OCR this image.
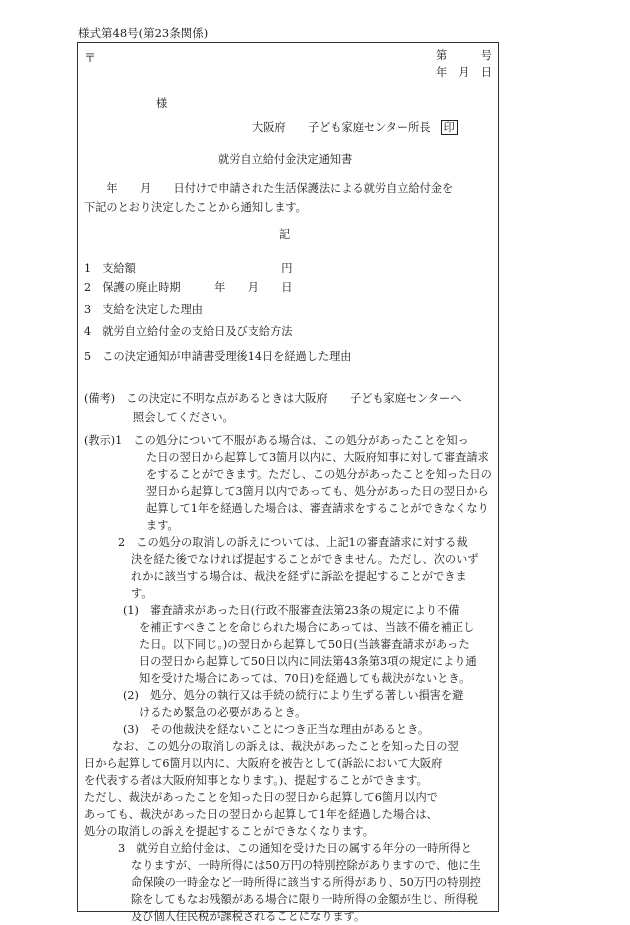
様式第48号(第23条関係)
〒	第　　　号
年　月　日
様
大阪府　　子ども家庭センター所長 印
就労自立給付金決定通知書
　　年　　月　　日付けで申請された生活保護法による就労自立給付金を
下記のとおり決定したことから通知します。
記
1　支給額　　　　　　　　　　　　　円
2　保護の廃止時期　　　年　　月　　日
3　支給を決定した理由
4　就労自立給付金の支給日及び支給方法
5　この決定通知が申請書受理後14日を経過した理由
(備考)　この決定に不明な点があるときは大阪府　　子ども家庭センターへ
照会してください。
(教示)1　この処分について不服がある場合は、この処分があったことを知っ
た日の翌日から起算して3箇月以内に、大阪府知事に対して審査請求
をすることができます。ただし、この処分があったことを知った日の
翌日から起算して3箇月以内であっても、処分があった日の翌日から
起算して1年を経過した場合は、審査請求をすることができなくなり
ます。
2　この処分の取消しの訴えについては、上記1の審査請求に対する裁
決を経た後でなければ提起することができません。ただし、次のいず
れかに該当する場合は、裁決を経ずに訴訟を提起することができま
す。
(1)　審査請求があった日(行政不服審査法第23条の規定により不備
を補正すべきことを命じられた場合にあっては、当該不備を補正し
た日。以下同じ。)の翌日から起算して50日(当該審査請求があった
日の翌日から起算して50日以内に同法第43条第3項の規定により通
知を受けた場合にあっては、70日)を経過しても裁決がないとき。
(2)　処分、処分の執行又は手続の続行により生ずる著しい損害を避
けるため緊急の必要があるとき。
(3)　その他裁決を経ないことにつき正当な理由があるとき。
なお、この処分の取消しの訴えは、裁決があったことを知った日の翌
日から起算して6箇月以内に、大阪府を被告として(訴訟において大阪府
を代表する者は大阪府知事となります。)、提起することができます。
ただし、裁決があったことを知った日の翌日から起算して6箇月以内で
あっても、裁決があった日の翌日から起算して1年を経過した場合は、
処分の取消しの訴えを提起することができなくなります。
3　就労自立給付金は、この通知を受けた日の属する年分の一時所得と
なりますが、一時所得には50万円の特別控除がありますので、他に生
命保険の一時金など一時所得に該当する所得があり、50万円の特別控
除をしてもなお残額がある場合に限り一時所得の金額が生じ、所得税
及び個人住民税が課税されることになります。
